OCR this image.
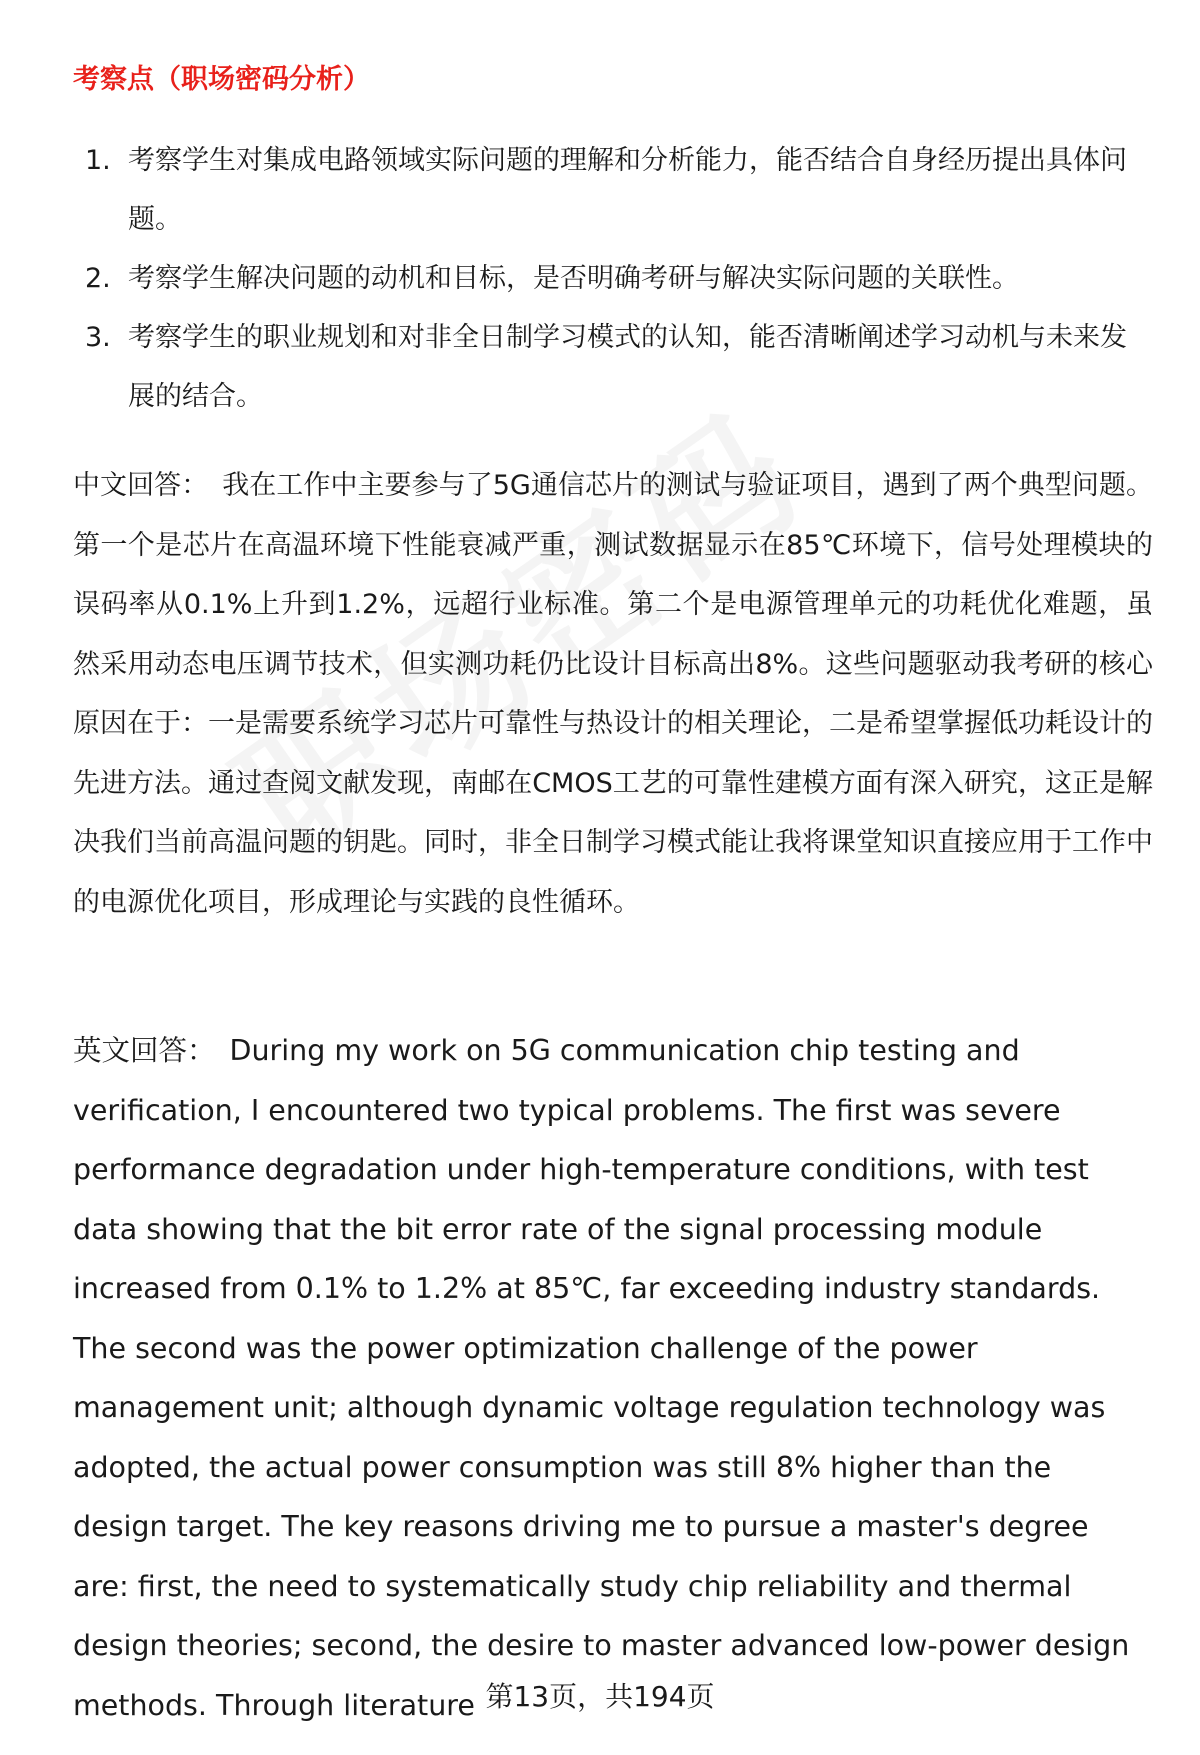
考察点（职场密码分析）
1. 考察学生对集成电路领域实际问题的理解和分析能力，能否结合自身经历提出具体问题。
2. 考察学生解决问题的动机和目标，是否明确考研与解决实际问题的关联性。
3. 考察学生的职业规划和对非全日制学习模式的认知，能否清晰阐述学习动机与未来发展的结合。

中文回答： 我在工作中主要参与了5G通信芯片的测试与验证项目，遇到了两个典型问题。第一个是芯片在高温环境下性能衰减严重，测试数据显示在85℃环境下，信号处理模块的误码率从0.1%上升到1.2%，远超行业标准。第二个是电源管理单元的功耗优化难题，虽然采用动态电压调节技术，但实测功耗仍比设计目标高出8%。这些问题驱动我考研的核心原因在于：一是需要系统学习芯片可靠性与热设计的相关理论，二是希望掌握低功耗设计的先进方法。通过查阅文献发现，南邮在CMOS工艺的可靠性建模方面有深入研究，这正是解决我们当前高温问题的钥匙。同时，非全日制学习模式能让我将课堂知识直接应用于工作中的电源优化项目，形成理论与实践的良性循环。

英文回答： During my work on 5G communication chip testing and verification, I encountered two typical problems. The first was severe performance degradation under high-temperature conditions, with test data showing that the bit error rate of the signal processing module increased from 0.1% to 1.2% at 85℃, far exceeding industry standards. The second was the power optimization challenge of the power management unit; although dynamic voltage regulation technology was adopted, the actual power consumption was still 8% higher than the design target. The key reasons driving me to pursue a master's degree are: first, the need to systematically study chip reliability and thermal design theories; second, the desire to master advanced low-power design methods. Through literature 第13页，共194页
